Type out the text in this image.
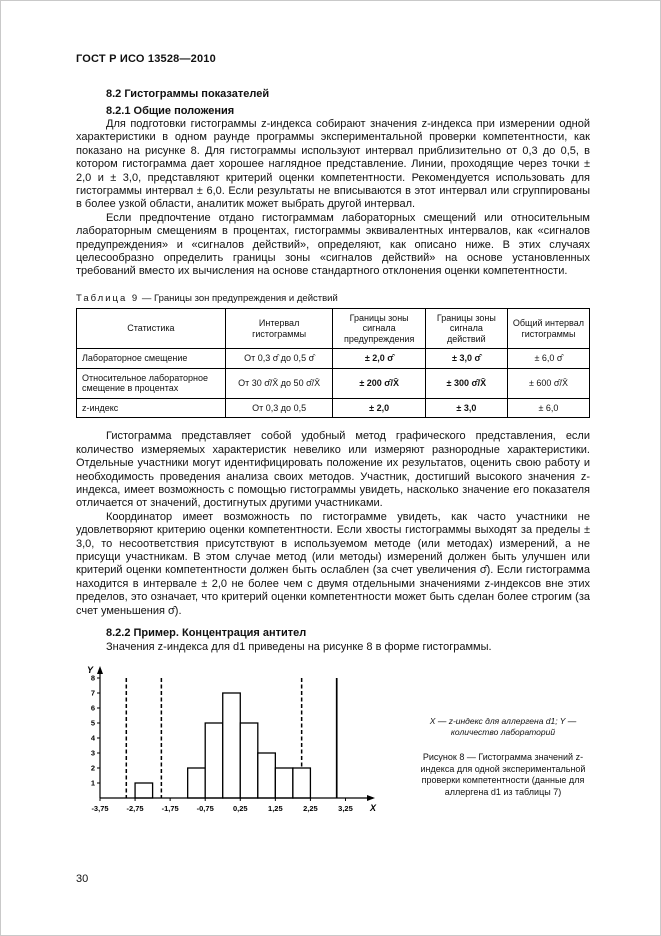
ГОСТ Р ИСО 13528—2010
8.2 Гистограммы показателей
8.2.1 Общие положения

Для подготовки гистограммы z-индекса собирают значения z-индекса при измерении одной характеристики в одном раунде программы экспериментальной проверки компетентности, как показано на рисунке 8. Для гистограммы используют интервал приблизительно от 0,3 до 0,5, в котором гистограмма дает хорошее наглядное представление. Линии, проходящие через точки ± 2,0 и ± 3,0, представляют критерий оценки компетентности. Рекомендуется использовать для гистограммы интервал ± 6,0. Если результаты не вписываются в этот интервал или сгруппированы в более узкой области, аналитик может выбрать другой интервал.

Если предпочтение отдано гистограммам лабораторных смещений или относительным лабораторным смещениям в процентах, гистограммы эквивалентных интервалов, как «сигналов предупреждения» и «сигналов действий», определяют, как описано ниже. В этих случаях целесообразно определить границы зоны «сигналов действий» на основе установленных требований вместо их вычисления на основе стандартного отклонения оценки компетентности.

Таблица 9 — Границы зон предупреждения и действий
Статистика	Интервал гистограммы	Границы зоны сигнала предупреждения	Границы зоны сигнала действий	Общий интервал гистограммы
Лабораторное смещение	От 0,3 σ̂ до 0,5 σ̂	± 2,0 σ̂	± 3,0 σ̂	± 6,0 σ̂
Относительное лабораторное смещение в процентах	От 30 σ̂/X̄ до 50 σ̂/X̄	± 200 σ̂/X̄	± 300 σ̂/X̄	± 600 σ̂/X̄
z-индекс	От 0,3 до 0,5	± 2,0	± 3,0	± 6,0

Гистограмма представляет собой удобный метод графического представления, если количество измеряемых характеристик невелико или измеряют разнородные характеристики. Отдельные участники могут идентифицировать положение их результатов, оценить свою работу и необходимость проведения анализа своих методов. Участник, достигший высокого значения z-индекса, имеет возможность с помощью гистограммы увидеть, насколько значение его показателя отличается от значений, достигнутых другими участниками.

Координатор имеет возможность по гистограмме увидеть, как часто участники не удовлетворяют критерию оценки компетентности. Если хвосты гистограммы выходят за пределы ± 3,0, то несоответствия присутствуют в используемом методе (или методах) измерений, а не присущи участникам. В этом случае метод (или методы) измерений должен быть улучшен или критерий оценки компетентности должен быть ослаблен (за счет увеличения σ̂). Если гистограмма находится в интервале ± 2,0 не более чем с двумя отдельными значениями z-индексов вне этих пределов, это означает, что критерий оценки компетентности может быть сделан более строгим (за счет уменьшения σ̂).

8.2.2 Пример. Концентрация антител

Значения z-индекса для d1 приведены на рисунке 8 в форме гистограммы.

1
2
3
4
5
6
7
8
-3,75 -2,75 -1,75 -0,75	0,25	1,25	2,25	3,25
Y
X
X — z-индекс для аллергена d1; Y — количество лабораторий
Рисунок 8 — Гистограмма значений z-индекса для одной экспериментальной проверки компетентности (данные для аллергена d1 из таблицы 7)
30
